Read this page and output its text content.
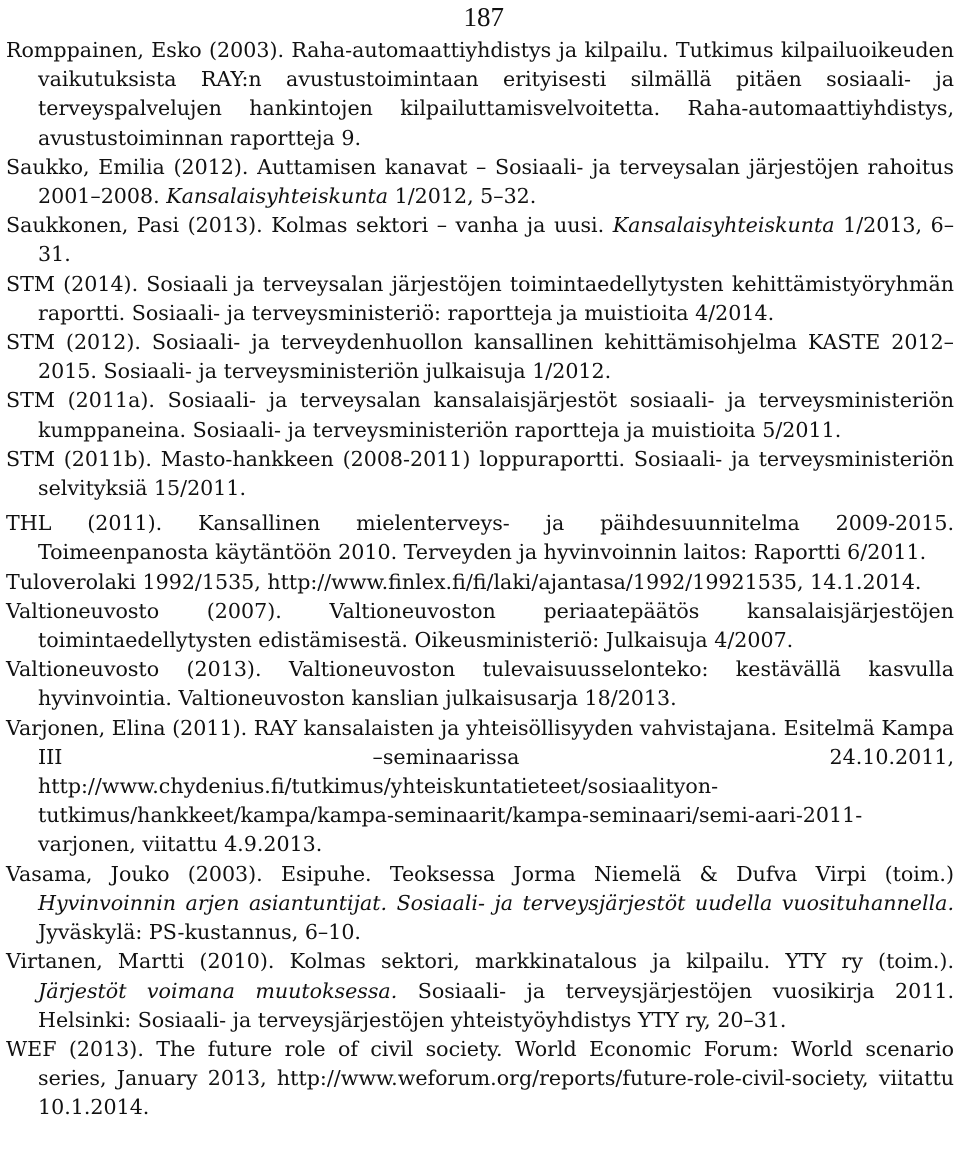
187

Romppainen, Esko (2003). Raha-automaattiyhdistys ja kilpailu. Tutkimus kilpailuoikeuden vaikutuksista RAY:n avustustoimintaan erityisesti silmällä pitäen sosiaali- ja terveyspalvelujen hankintojen kilpailuttamisvelvoitetta. Raha-automaattiyhdistys, avustustoiminnan raportteja 9.

Saukko, Emilia (2012). Auttamisen kanavat – Sosiaali- ja terveysalan järjestöjen rahoitus 2001–2008. Kansalaisyhteiskunta 1/2012, 5–32.

Saukkonen, Pasi (2013). Kolmas sektori – vanha ja uusi. Kansalaisyhteiskunta 1/2013, 6–31.

STM (2014). Sosiaali ja terveysalan järjestöjen toimintaedellytysten kehittämistyöryhmän raportti. Sosiaali- ja terveysministeriö: raportteja ja muistioita 4/2014.

STM (2012). Sosiaali- ja terveydenhuollon kansallinen kehittämisohjelma KASTE 2012–2015. Sosiaali- ja terveysministeriön julkaisuja 1/2012.

STM (2011a). Sosiaali- ja terveysalan kansalaisjärjestöt sosiaali- ja terveysministeriön kumppaneina. Sosiaali- ja terveysministeriön raportteja ja muistioita 5/2011.

STM (2011b). Masto-hankkeen (2008-2011) loppuraportti. Sosiaali- ja terveysministeriön selvityksiä 15/2011.

THL (2011). Kansallinen mielenterveys- ja päihdesuunnitelma 2009-2015. Toimeenpanosta käytäntöön 2010. Terveyden ja hyvinvoinnin laitos: Raportti 6/2011.

Tuloverolaki 1992/1535, http://www.finlex.fi/fi/laki/ajantasa/1992/19921535, 14.1.2014.

Valtioneuvosto (2007). Valtioneuvoston periaatepäätös kansalaisjärjestöjen toimintaedellytysten edistämisestä. Oikeusministeriö: Julkaisuja 4/2007.

Valtioneuvosto (2013). Valtioneuvoston tulevaisuusselonteko: kestävällä kasvulla hyvinvointia. Valtioneuvoston kanslian julkaisusarja 18/2013.

Varjonen, Elina (2011). RAY kansalaisten ja yhteisöllisyyden vahvistajana. Esitelmä Kampa III –seminaarissa 24.10.2011, http://www.chydenius.fi/tutkimus/yhteiskuntatieteet/sosiaalityon-tutkimus/hankkeet/kampa/kampa-seminaarit/kampa-seminaari/semi-aari-2011-varjonen, viitattu 4.9.2013.

Vasama, Jouko (2003). Esipuhe. Teoksessa Jorma Niemelä & Dufva Virpi (toim.) Hyvinvoinnin arjen asiantuntijat. Sosiaali- ja terveysjärjestöt uudella vuosituhannella. Jyväskylä: PS-kustannus, 6–10.

Virtanen, Martti (2010). Kolmas sektori, markkinatalous ja kilpailu. YTY ry (toim.). Järjestöt voimana muutoksessa. Sosiaali- ja terveysjärjestöjen vuosikirja 2011. Helsinki: Sosiaali- ja terveysjärjestöjen yhteistyöyhdistys YTY ry, 20–31.

WEF (2013). The future role of civil society. World Economic Forum: World scenario series, January 2013, http://www.weforum.org/reports/future-role-civil-society, viitattu 10.1.2014.
